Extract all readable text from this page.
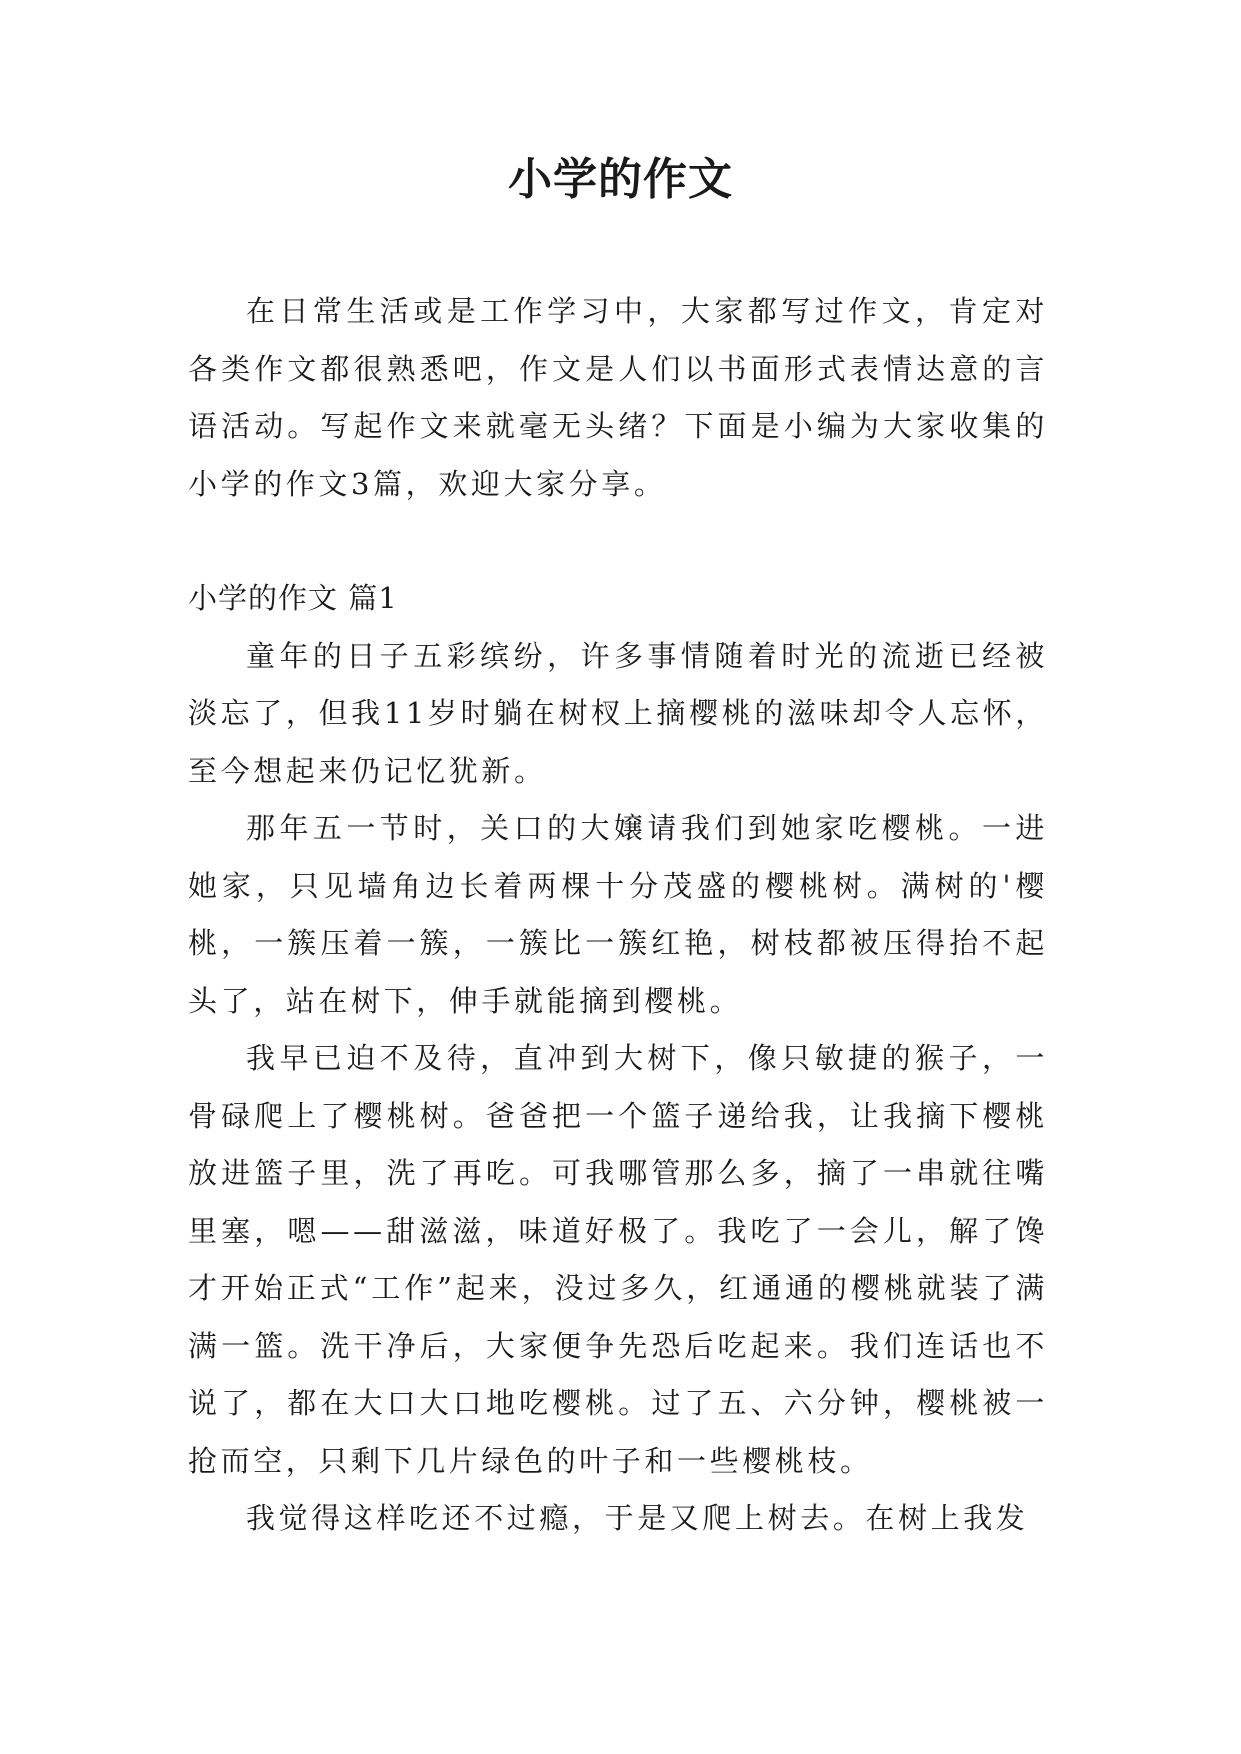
小学的作文

在日常生活或是工作学习中，大家都写过作文，肯定对各类作文都很熟悉吧，作文是人们以书面形式表情达意的言语活动。写起作文来就毫无头绪？下面是小编为大家收集的小学的作文3篇，欢迎大家分享。

小学的作文 篇1

童年的日子五彩缤纷，许多事情随着时光的流逝已经被淡忘了，但我11岁时躺在树杈上摘樱桃的滋味却令人忘怀，至今想起来仍记忆犹新。

那年五一节时，关口的大嬢请我们到她家吃樱桃。一进她家，只见墙角边长着两棵十分茂盛的樱桃树。满树的'樱桃，一簇压着一簇，一簇比一簇红艳，树枝都被压得抬不起头了，站在树下，伸手就能摘到樱桃。

我早已迫不及待，直冲到大树下，像只敏捷的猴子，一骨碌爬上了樱桃树。爸爸把一个篮子递给我，让我摘下樱桃放进篮子里，洗了再吃。可我哪管那么多，摘了一串就往嘴里塞，嗯——甜滋滋，味道好极了。我吃了一会儿，解了馋才开始正式“工作”起来，没过多久，红通通的樱桃就装了满满一篮。洗干净后，大家便争先恐后吃起来。我们连话也不说了，都在大口大口地吃樱桃。过了五、六分钟，樱桃被一抢而空，只剩下几片绿色的叶子和一些樱桃枝。

我觉得这样吃还不过瘾，于是又爬上树去。在树上我发
